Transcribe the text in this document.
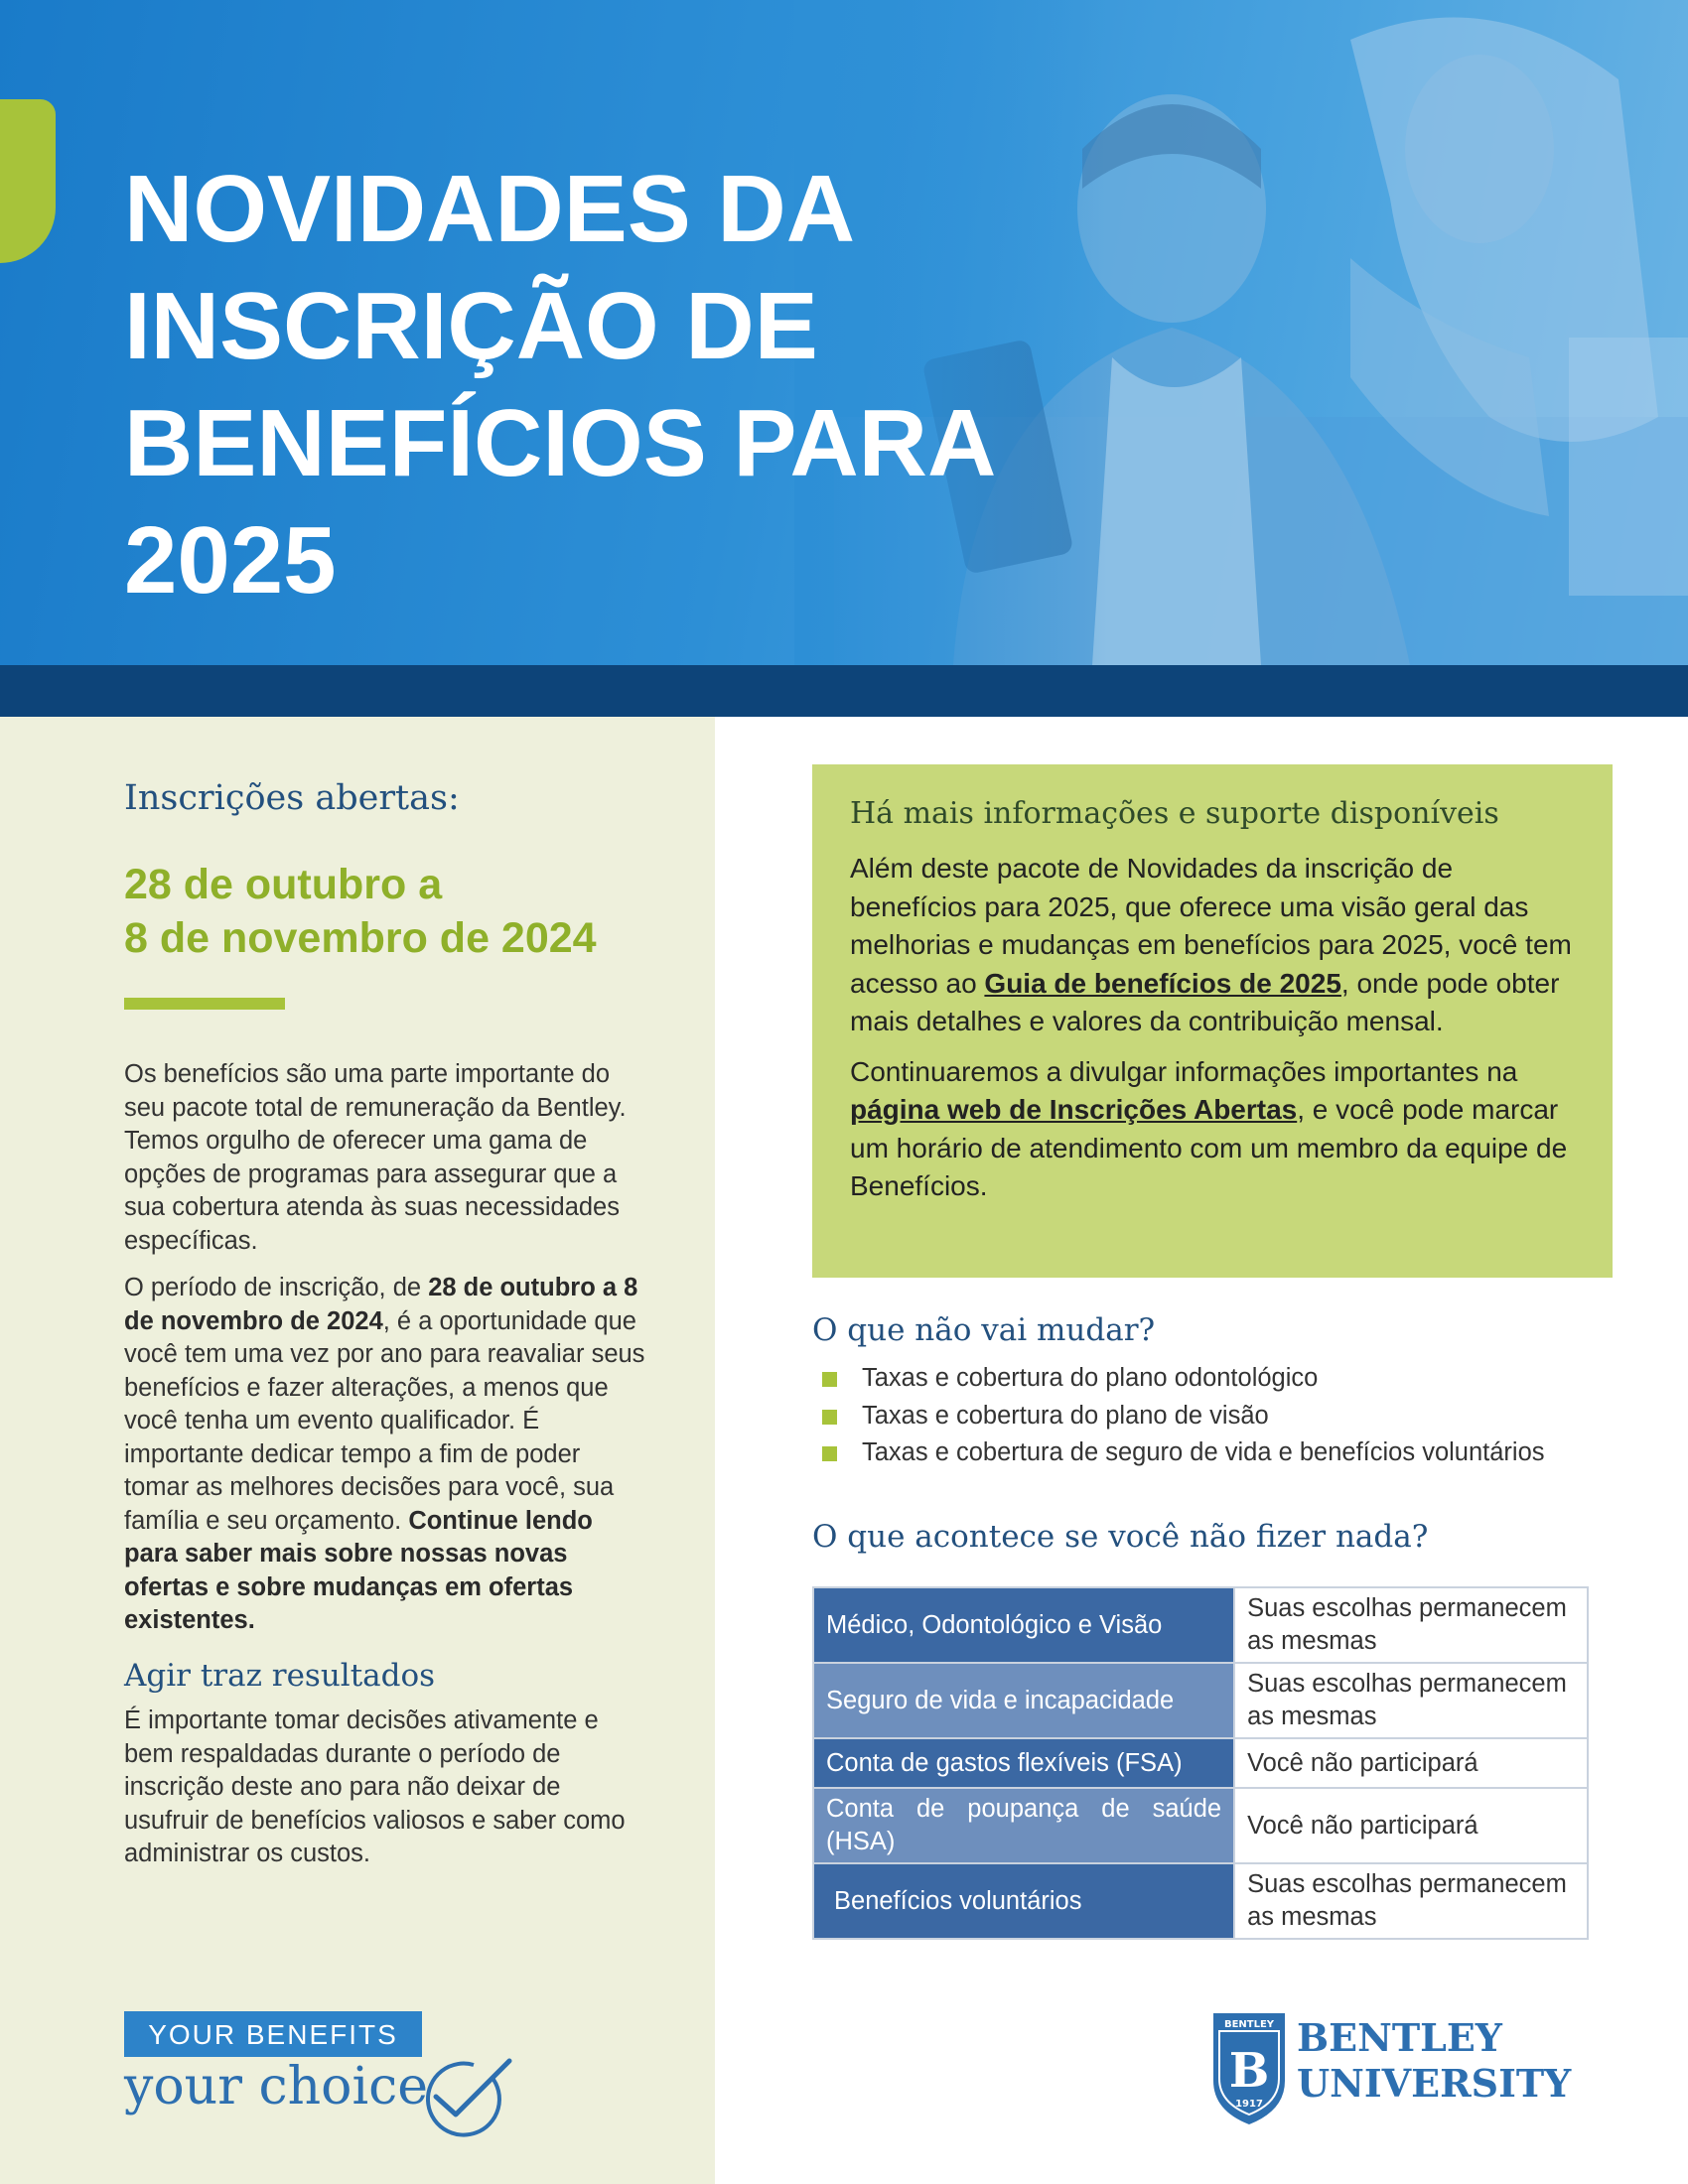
NOVIDADES DA
INSCRIÇÃO DE
BENEFÍCIOS PARA
2025
Inscrições abertas:
28 de outubro a
8 de novembro de 2024

Os benefícios são uma parte importante do seu pacote total de remuneração da Bentley. Temos orgulho de oferecer uma gama de opções de programas para assegurar que a sua cobertura atenda às suas necessidades específicas.

O período de inscrição, de 28 de outubro a 8 de novembro de 2024, é a oportunidade que você tem uma vez por ano para reavaliar seus benefícios e fazer alterações, a menos que você tenha um evento qualificador. É importante dedicar tempo a fim de poder tomar as melhores decisões para você, sua família e seu orçamento. Continue lendo para saber mais sobre nossas novas ofertas e sobre mudanças em ofertas existentes.

Agir traz resultados

É importante tomar decisões ativamente e bem respaldadas durante o período de inscrição deste ano para não deixar de usufruir de benefícios valiosos e saber como administrar os custos.

YOUR BENEFITS
your choice
Há mais informações e suporte disponíveis

Além deste pacote de Novidades da inscrição de benefícios para 2025, que oferece uma visão geral das melhorias e mudanças em benefícios para 2025, você tem acesso ao Guia de benefícios de 2025, onde pode obter mais detalhes e valores da contribuição mensal.

Continuaremos a divulgar informações importantes na página web de Inscrições Abertas, e você pode marcar um horário de atendimento com um membro da equipe de Benefícios.

O que não vai mudar?
Taxas e cobertura do plano odontológico
Taxas e cobertura do plano de visão
Taxas e cobertura de seguro de vida e benefícios voluntários
O que acontece se você não fizer nada?
Médico, Odontológico e Visão	Suas escolhas permanecem as mesmas
Seguro de vida e incapacidade	Suas escolhas permanecem as mesmas
Conta de gastos flexíveis (FSA)	Você não participará
Conta de poupança de saúde (HSA)	Você não participará
Benefícios voluntários	Suas escolhas permanecem as mesmas
BENTLEY
B
1917
BENTLEY
UNIVERSITY
